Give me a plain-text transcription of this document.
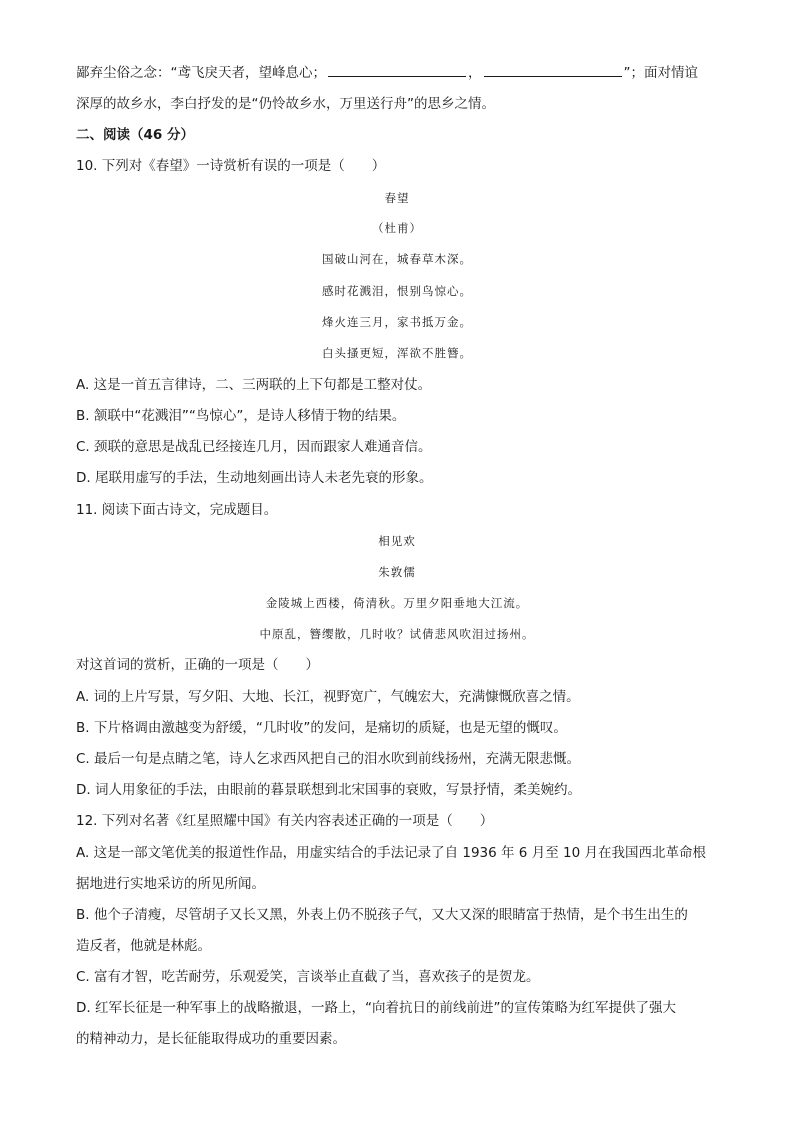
鄙弃尘俗之念：“鸢飞戾天者，望峰息心；	，	”；面对情谊
深厚的故乡水，李白抒发的是“仍怜故乡水，万里送行舟”的思乡之情。
二、阅读（46 分）
10. 下列对《春望》一诗赏析有误的一项是（　　）
春望
（杜甫）
国破山河在，城春草木深。
感时花溅泪，恨别鸟惊心。
烽火连三月，家书抵万金。
白头搔更短，浑欲不胜簪。
A. 这是一首五言律诗，二、三两联的上下句都是工整对仗。
B. 颔联中“花溅泪”“鸟惊心”，是诗人移情于物的结果。
C. 颈联的意思是战乱已经接连几月，因而跟家人难通音信。
D. 尾联用虚写的手法，生动地刻画出诗人未老先衰的形象。
11. 阅读下面古诗文，完成题目。
相见欢
朱敦儒
金陵城上西楼，倚清秋。万里夕阳垂地大江流。
中原乱，簪缨散，几时收？试倩悲风吹泪过扬州。
对这首词的赏析，正确的一项是（　　）
A. 词的上片写景，写夕阳、大地、长江，视野宽广，气魄宏大，充满慷慨欣喜之情。
B. 下片格调由激越变为舒缓，“几时收”的发问，是痛切的质疑，也是无望的慨叹。
C. 最后一句是点睛之笔，诗人乞求西风把自己的泪水吹到前线扬州，充满无限悲慨。
D. 词人用象征的手法，由眼前的暮景联想到北宋国事的衰败，写景抒情，柔美婉约。
12. 下列对名著《红星照耀中国》有关内容表述正确的一项是（　　）
A. 这是一部文笔优美的报道性作品，用虚实结合的手法记录了自 1936 年 6 月至 10 月在我国西北革命根
据地进行实地采访的所见所闻。
B. 他个子清瘦，尽管胡子又长又黑，外表上仍不脱孩子气，又大又深的眼睛富于热情，是个书生出生的
造反者，他就是林彪。
C. 富有才智，吃苦耐劳，乐观爱笑，言谈举止直截了当，喜欢孩子的是贺龙。
D. 红军长征是一种军事上的战略撤退，一路上，“向着抗日的前线前进”的宣传策略为红军提供了强大
的精神动力，是长征能取得成功的重要因素。
